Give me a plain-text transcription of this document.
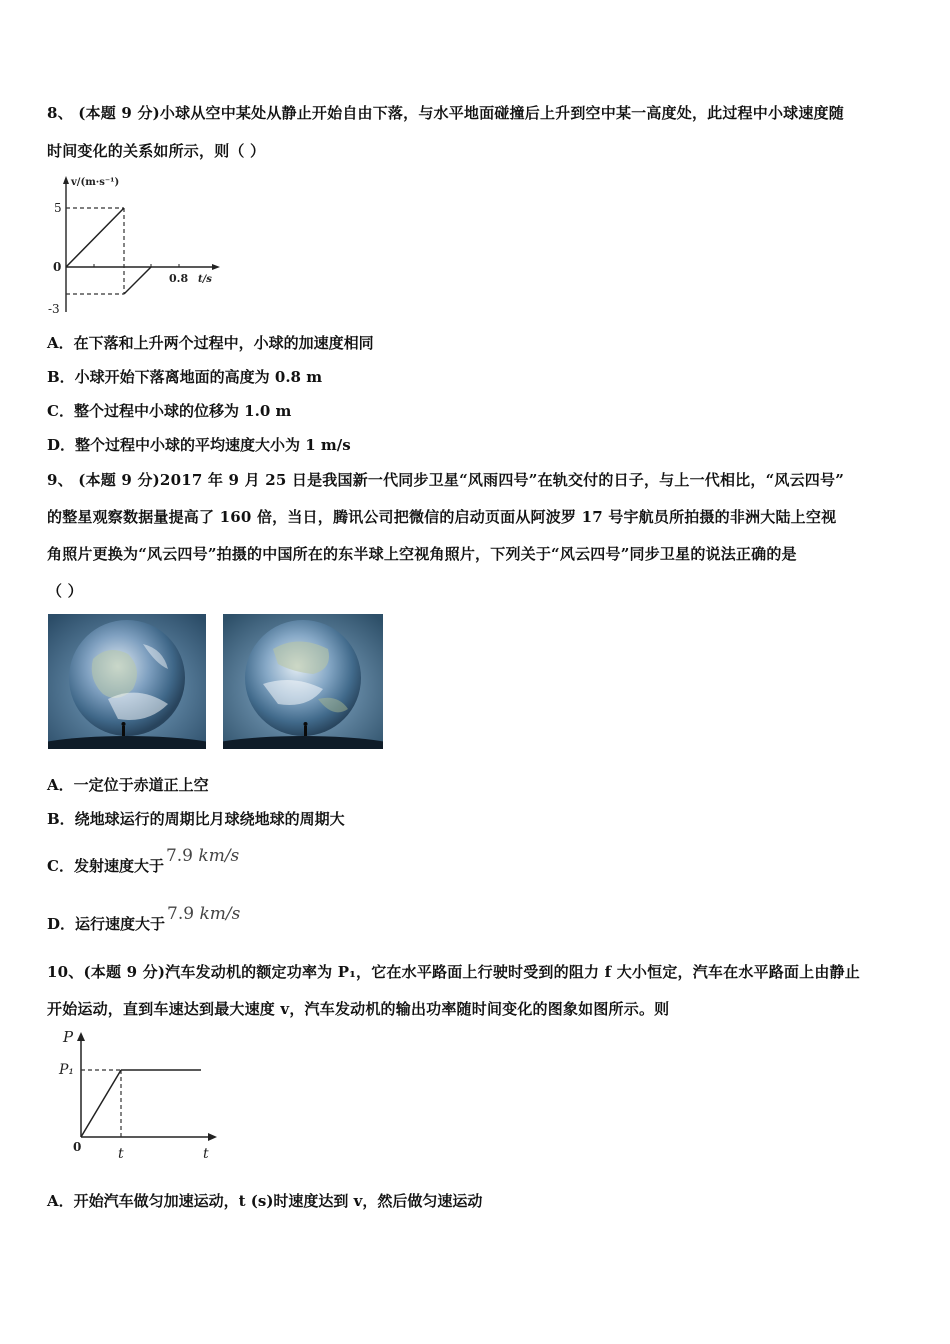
8、 (本题 9 分)小球从空中某处从静止开始自由下落，与水平地面碰撞后上升到空中某一高度处，此过程中小球速度随
时间变化的关系如所示，则（ ）
v/(m·s⁻¹)
5
0
-3
0.8 t/s
A．在下落和上升两个过程中，小球的加速度相同
B．小球开始下落离地面的高度为 0.8 m
C．整个过程中小球的位移为 1.0 m
D．整个过程中小球的平均速度大小为 1 m/s
9、 (本题 9 分)2017 年 9 月 25 日是我国新一代同步卫星“风雨四号”在轨交付的日子，与上一代相比，“风云四号”
的整星观察数据量提高了 160 倍，当日，腾讯公司把微信的启动页面从阿波罗 17 号宇航员所拍摄的非洲大陆上空视
角照片更换为“风云四号”拍摄的中国所在的东半球上空视角照片，下列关于“风云四号”同步卫星的说法正确的是
（ ）
A．一定位于赤道正上空
B．绕地球运行的周期比月球绕地球的周期大
C．发射速度大于 7.9 km/s
D．运行速度大于 7.9 km/s
10、(本题 9 分)汽车发动机的额定功率为 P₁，它在水平路面上行驶时受到的阻力 f 大小恒定，汽车在水平路面上由静止
开始运动，直到车速达到最大速度 v，汽车发动机的输出功率随时间变化的图象如图所示。则
P
P₁
0	t	t
A．开始汽车做匀加速运动，t (s)时速度达到 v，然后做匀速运动
